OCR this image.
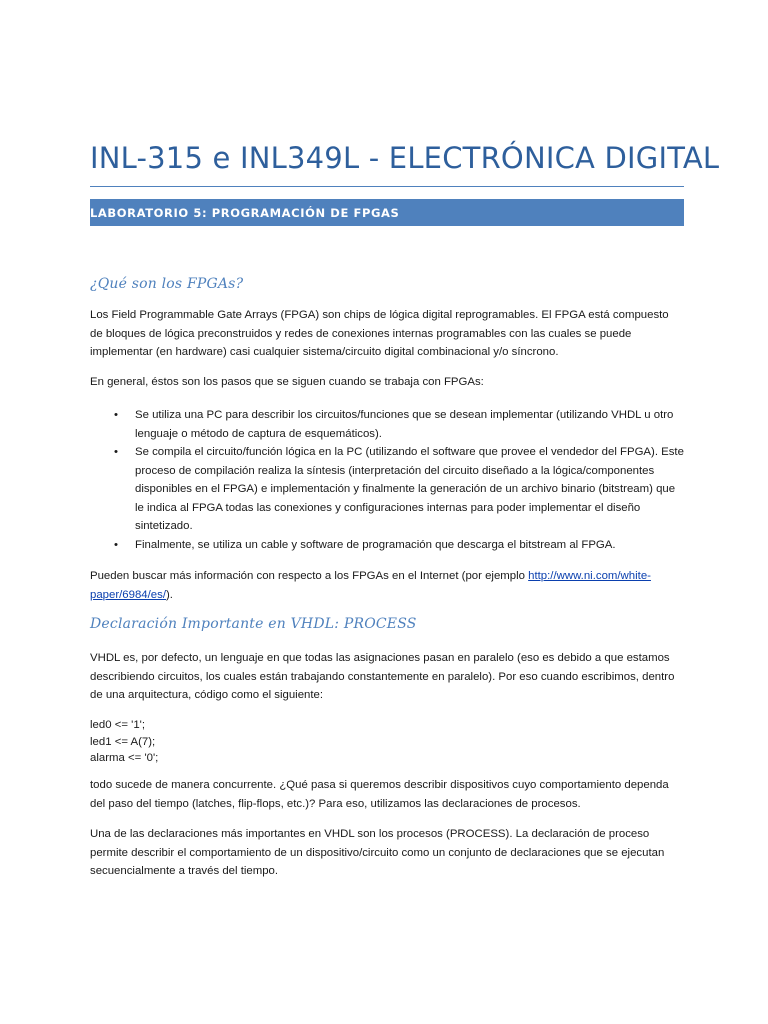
INL-315 e INL349L - ELECTRÓNICA DIGITAL
LABORATORIO 5: PROGRAMACIÓN DE FPGAS
¿Qué son los FPGAs?

Los Field Programmable Gate Arrays (FPGA) son chips de lógica digital reprogramables. El FPGA está compuesto de bloques de lógica preconstruidos y redes de conexiones internas programables con las cuales se puede implementar (en hardware) casi cualquier sistema/circuito digital combinacional y/o síncrono.

En general, éstos son los pasos que se siguen cuando se trabaja con FPGAs:

• Se utiliza una PC para describir los circuitos/funciones que se desean implementar (utilizando VHDL u otro lenguaje o método de captura de esquemáticos).
• Se compila el circuito/función lógica en la PC (utilizando el software que provee el vendedor del FPGA). Este proceso de compilación realiza la síntesis (interpretación del circuito diseñado a la lógica/componentes disponibles en el FPGA) e implementación y finalmente la generación de un archivo binario (bitstream) que le indica al FPGA todas las conexiones y configuraciones internas para poder implementar el diseño sintetizado.
• Finalmente, se utiliza un cable y software de programación que descarga el bitstream al FPGA.

Pueden buscar más información con respecto a los FPGAs en el Internet (por ejemplo http://www.ni.com/white-paper/6984/es/).

Declaración Importante en VHDL: PROCESS

VHDL es, por defecto, un lenguaje en que todas las asignaciones pasan en paralelo (eso es debido a que estamos describiendo circuitos, los cuales están trabajando constantemente en paralelo). Por eso cuando escribimos, dentro de una arquitectura, código como el siguiente:

led0 <= '1';
led1 <= A(7);
alarma <= '0';

todo sucede de manera concurrente. ¿Qué pasa si queremos describir dispositivos cuyo comportamiento dependa del paso del tiempo (latches, flip-flops, etc.)? Para eso, utilizamos las declaraciones de procesos.

Una de las declaraciones más importantes en VHDL son los procesos (PROCESS). La declaración de proceso permite describir el comportamiento de un dispositivo/circuito como un conjunto de declaraciones que se ejecutan secuencialmente a través del tiempo.
